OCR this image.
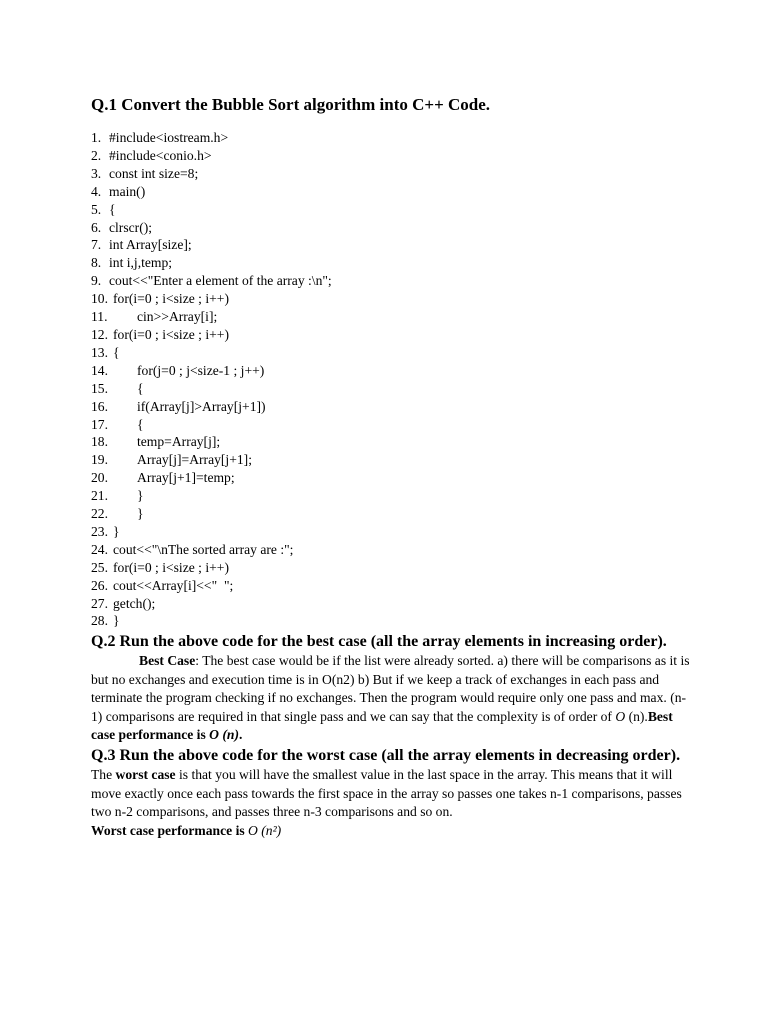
Q.1 Convert the Bubble Sort algorithm into C++ Code.
1. #include<iostream.h>
2. #include<conio.h>
3. const int size=8;
4. main()
5. {
6. clrscr();
7. int Array[size];
8. int i,j,temp;
9. cout<<"Enter a element of the array :\n";
10. for(i=0 ; i<size ; i++)
11. cin>>Array[i];
12. for(i=0 ; i<size ; i++)
13. {
14. for(j=0 ; j<size-1 ; j++)
15. {
16. if(Array[j]>Array[j+1])
17. {
18. temp=Array[j];
19. Array[j]=Array[j+1];
20. Array[j+1]=temp;
21. }
22. }
23. }
24. cout<<"\nThe sorted array are :";
25. for(i=0 ; i<size ; i++)
26. cout<<Array[i]<<"  ";
27. getch();
28. }
Q.2 Run the above code for the best case (all the array elements in increasing order).

Best Case: The best case would be if the list were already sorted. a) there will be comparisons as it is but no exchanges and execution time is in O(n2) b) But if we keep a track of exchanges in each pass and terminate the program checking if no exchanges. Then the program would require only one pass and max. (n-1) comparisons are required in that single pass and we can say that the complexity is of order of O (n).Best case performance is O (n).

Q.3 Run the above code for the worst case (all the array elements in decreasing order).

The worst case is that you will have the smallest value in the last space in the array. This means that it will move exactly once each pass towards the first space in the array so passes one takes n-1 comparisons, passes two n-2 comparisons, and passes three n-3 comparisons and so on.
Worst case performance is O (n²)
